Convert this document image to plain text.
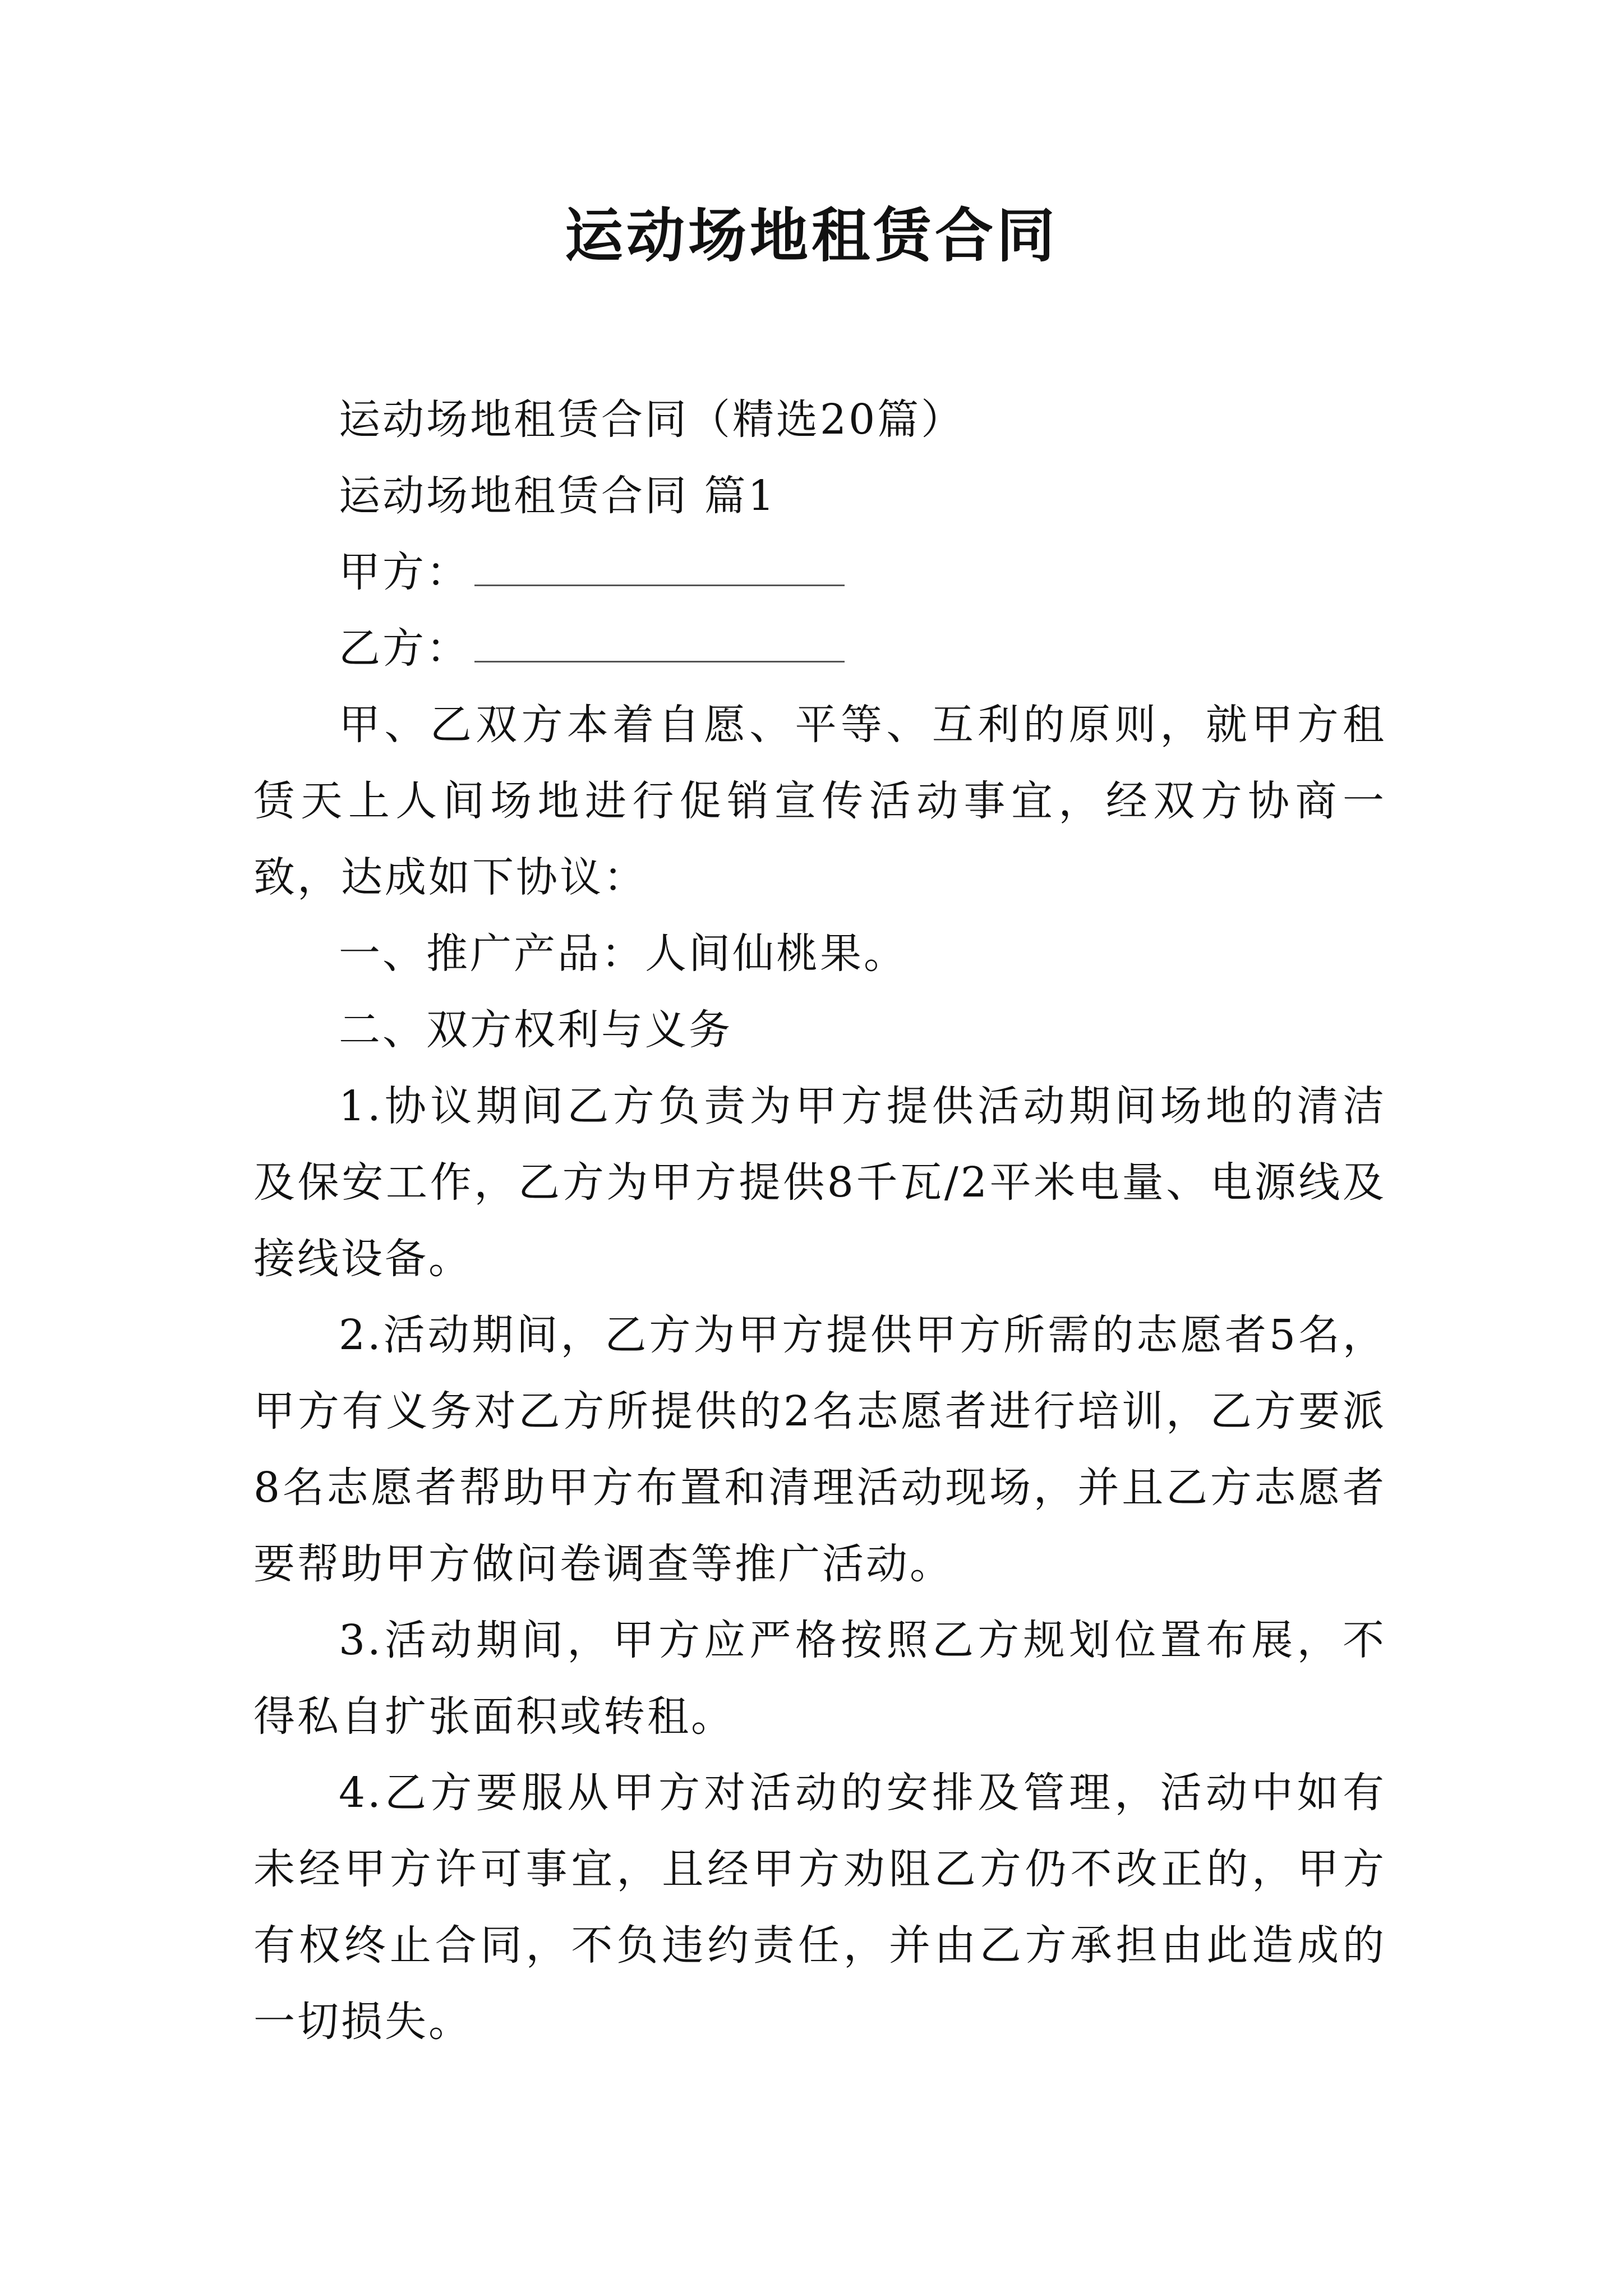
运动场地租赁合同

运动场地租赁合同（精选20篇）

运动场地租赁合同 篇1

甲方：

乙方：

甲、乙双方本着自愿、平等、互利的原则，就甲方租赁天上人间场地进行促销宣传活动事宜，经双方协商一致，达成如下协议：

一、推广产品：人间仙桃果。

二、双方权利与义务

1.协议期间乙方负责为甲方提供活动期间场地的清洁及保安工作，乙方为甲方提供8千瓦/2平米电量、电源线及接线设备。

2.活动期间，乙方为甲方提供甲方所需的志愿者5名，甲方有义务对乙方所提供的2名志愿者进行培训，乙方要派8名志愿者帮助甲方布置和清理活动现场，并且乙方志愿者要帮助甲方做问卷调查等推广活动。

3.活动期间，甲方应严格按照乙方规划位置布展，不得私自扩张面积或转租。

4.乙方要服从甲方对活动的安排及管理，活动中如有未经甲方许可事宜，且经甲方劝阻乙方仍不改正的，甲方有权终止合同，不负违约责任，并由乙方承担由此造成的一切损失。
